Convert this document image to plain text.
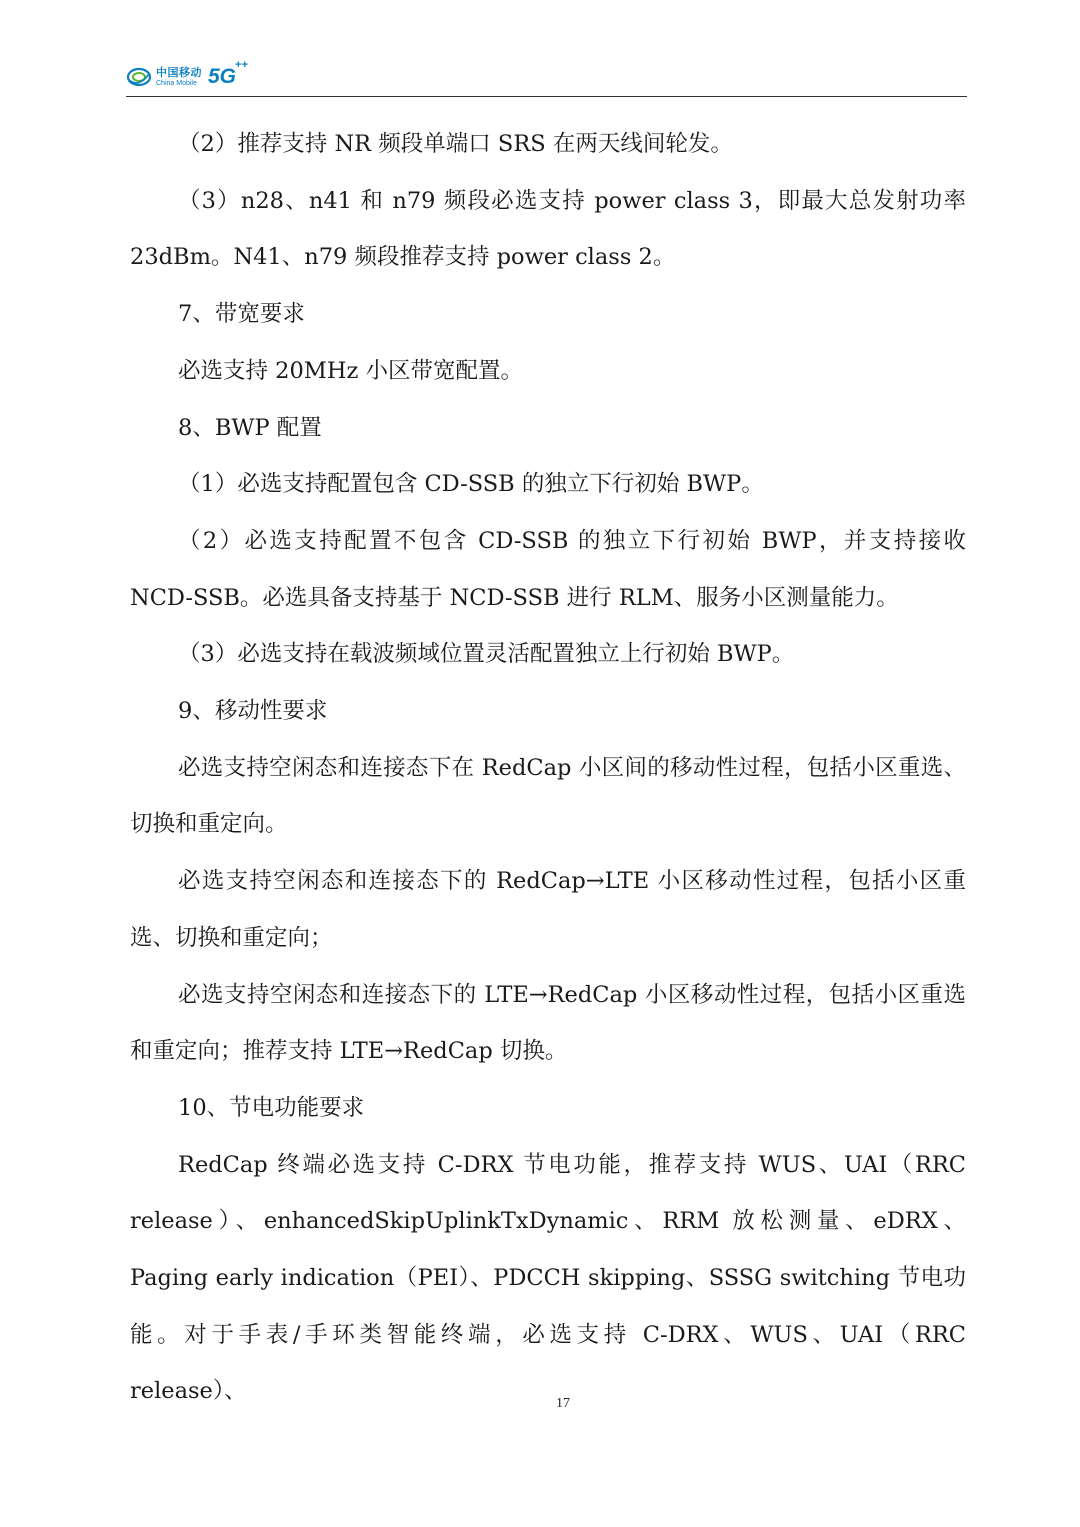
中国移动
China Mobile 5G ++

（2）推荐支持 NR 频段单端口 SRS 在两天线间轮发。

（3）n28、n41 和 n79 频段必选支持 power class 3，即最大总发射功率 23dBm。N41、n79 频段推荐支持 power class 2。

7、带宽要求

必选支持 20MHz 小区带宽配置。

8、BWP 配置

（1）必选支持配置包含 CD-SSB 的独立下行初始 BWP。

（2）必选支持配置不包含 CD-SSB 的独立下行初始 BWP，并支持接收 NCD-SSB。必选具备支持基于 NCD-SSB 进行 RLM、服务小区测量能力。

（3）必选支持在载波频域位置灵活配置独立上行初始 BWP。

9、移动性要求

必选支持空闲态和连接态下在 RedCap 小区间的移动性过程，包括小区重选、切换和重定向。

必选支持空闲态和连接态下的 RedCap→LTE 小区移动性过程，包括小区重选、切换和重定向；

必选支持空闲态和连接态下的 LTE→RedCap 小区移动性过程，包括小区重选和重定向；推荐支持 LTE→RedCap 切换。

10、节电功能要求

RedCap 终端必选支持 C-DRX 节电功能，推荐支持 WUS、UAI（RRC release）、enhancedSkipUplinkTxDynamic、RRM 放松测量、eDRX、Paging early indication（PEI）、PDCCH skipping、SSSG switching 节电功能。对于手表/手环类智能终端，必选支持 C-DRX、WUS、UAI（RRC release）、	17
